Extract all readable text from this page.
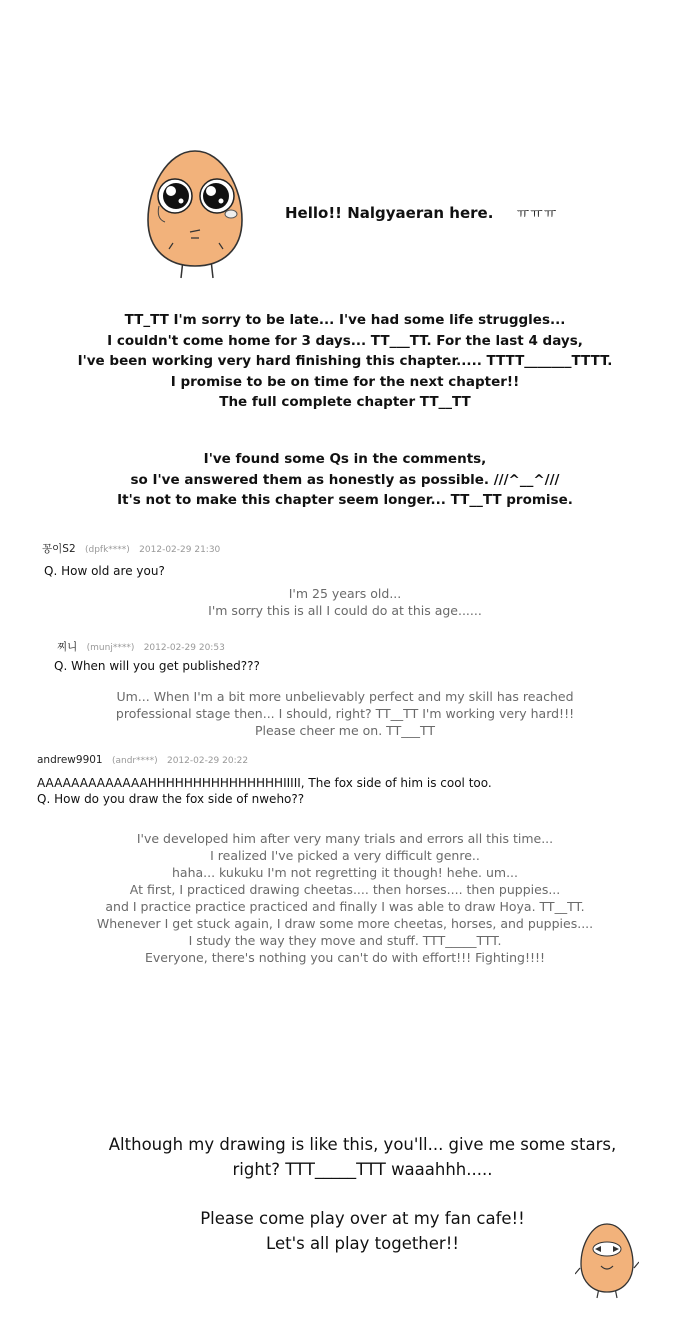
Hello!! Nalgyaeran here. ㅠㅠㅠ
TT_TT I'm sorry to be late... I've had some life struggles...
I couldn't come home for 3 days... TT___TT. For the last 4 days,
I've been working very hard finishing this chapter..... TTTT_______TTTT.
I promise to be on time for the next chapter!!
The full complete chapter TT__TT
I've found some Qs in the comments,
so I've answered them as honestly as possible. ///^__^///
It's not to make this chapter seem longer... TT__TT promise.
꽁이S2 (dpfk****) 2012-02-29 21:30
Q. How old are you?
I'm 25 years old...
I'm sorry this is all I could do at this age......
찌니 (munj****) 2012-02-29 20:53
Q. When will you get published???
Um... When I'm a bit more unbelievably perfect and my skill has reached
professional stage then... I should, right? TT__TT I'm working very hard!!!
Please cheer me on. TT___TT
andrew9901 (andr****) 2012-02-29 20:22
AAAAAAAAAAAAAHHHHHHHHHHHHHHHIIIII, The fox side of him is cool too.
Q. How do you draw the fox side of nweho??
I've developed him after very many trials and errors all this time...
I realized I've picked a very difficult genre..
haha... kukuku I'm not regretting it though! hehe. um...
At first, I practiced drawing cheetas.... then horses.... then puppies...
and I practice practice practiced and finally I was able to draw Hoya. TT__TT.
Whenever I get stuck again, I draw some more cheetas, horses, and puppies....
I study the way they move and stuff. TTT_____TTT.
Everyone, there's nothing you can't do with effort!!! Fighting!!!!
Although my drawing is like this, you'll... give me some stars,
right? TTT_____TTT waaahhh.....
Please come play over at my fan cafe!!
Let's all play together!!
